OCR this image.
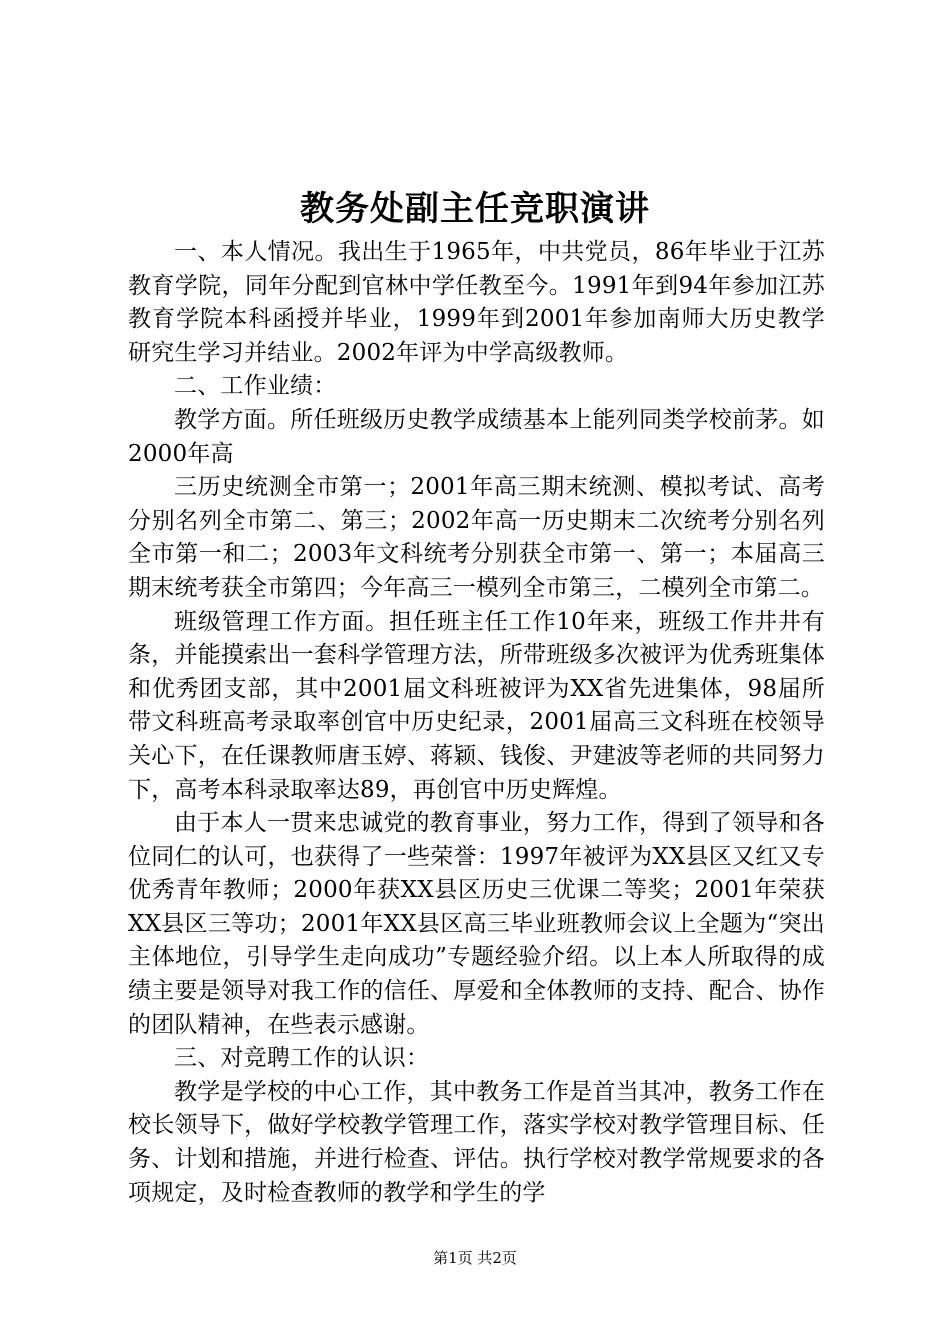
教务处副主任竞职演讲

一、本人情况。我出生于1965年，中共党员，86年毕业于江苏教育学院，同年分配到官林中学任教至今。1991年到94年参加江苏教育学院本科函授并毕业，1999年到2001年参加南师大历史教学研究生学习并结业。2002年评为中学高级教师。

二、工作业绩：

教学方面。所任班级历史教学成绩基本上能列同类学校前茅。如2000年高

三历史统测全市第一；2001年高三期末统测、模拟考试、高考分别名列全市第二、第三；2002年高一历史期末二次统考分别名列全市第一和二；2003年文科统考分别获全市第一、第一；本届高三期末统考获全市第四；今年高三一模列全市第三，二模列全市第二。

班级管理工作方面。担任班主任工作10年来，班级工作井井有条，并能摸索出一套科学管理方法，所带班级多次被评为优秀班集体和优秀团支部，其中2001届文科班被评为XX省先进集体，98届所带文科班高考录取率创官中历史纪录，2001届高三文科班在校领导关心下，在任课教师唐玉婷、蒋颖、钱俊、尹建波等老师的共同努力下，高考本科录取率达89，再创官中历史辉煌。

由于本人一贯来忠诚党的教育事业，努力工作，得到了领导和各位同仁的认可，也获得了一些荣誉：1997年被评为XX县区又红又专优秀青年教师；2000年获XX县区历史三优课二等奖；2001年荣获XX县区三等功；2001年XX县区高三毕业班教师会议上全题为“突出主体地位，引导学生走向成功”专题经验介绍。以上本人所取得的成绩主要是领导对我工作的信任、厚爱和全体教师的支持、配合、协作的团队精神，在些表示感谢。

三、对竞聘工作的认识：

教学是学校的中心工作，其中教务工作是首当其冲，教务工作在校长领导下，做好学校教学管理工作，落实学校对教学管理目标、任务、计划和措施，并进行检查、评估。执行学校对教学常规要求的各项规定，及时检查教师的教学和学生的学

第1页 共2页
